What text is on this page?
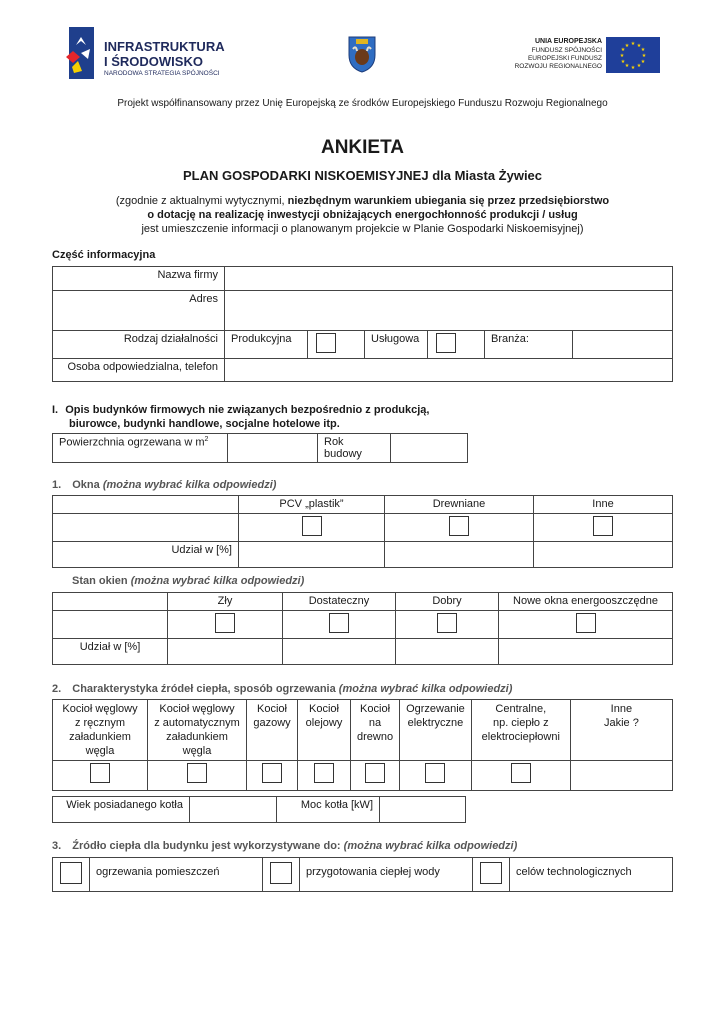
INFRASTRUKTURA
I ŚRODOWISKO
NARODOWA STRATEGIA SPÓJNOŚCI
UNIA EUROPEJSKA
FUNDUSZ SPÓJNOŚCI
EUROPEJSKI FUNDUSZ
ROZWOJU REGIONALNEGO
★ ★
★
★
★
★
★
★
★
★
★
★
Projekt współfinansowany przez Unię Europejską ze środków Europejskiego Funduszu Rozwoju Regionalnego
ANKIETA
PLAN GOSPODARKI NISKOEMISYJNEJ dla Miasta Żywiec
(zgodnie z aktualnymi wytycznymi, niezbędnym warunkiem ubiegania się przez przedsiębiorstwo
o dotację na realizację inwestycji obniżających energochłonność produkcji / usług
jest umieszczenie informacji o planowanym projekcie w Planie Gospodarki Niskoemisyjnej)
Część informacyjna
Nazwa firmy						
Adres						
Rodzaj działalności	Produkcyjna		Usługowa		Branża:	
Osoba odpowiedzialna, telefon						
I. Opis budynków firmowych nie związanych bezpośrednio z produkcją,
biurowce, budynki handlowe, socjalne hotelowe itp.
Powierzchnia ogrzewana w $m^2$		Rok budowy	
1. Okna (można wybrać kilka odpowiedzi)
	PCV „plastik”	Drewniane	Inne

Udział w [%]			
Stan okien (można wybrać kilka odpowiedzi)
	Zły	Dostateczny	Dobry	Nowe okna energooszczędne

Udział w [%]				
2. Charakterystyka źródeł ciepła, sposób ogrzewania (można wybrać kilka odpowiedzi)
Kocioł węglowy
z ręcznym
załadunkiem
węgla	Kocioł węglowy
z automatycznym
załadunkiem
węgla	Kocioł
gazowy	Kocioł
olejowy	Kocioł
na
drewno	Ogrzewanie
elektryczne	Centralne,
np. ciepło z
elektrociepłowni	Inne
Jakie ?

Wiek posiadanego kotła		Moc kotła [kW]	
3. Źródło ciepła dla budynku jest wykorzystywane do: (można wybrać kilka odpowiedzi)
	ogrzewania pomieszczeń		przygotowania ciepłej wody		celów technologicznych
